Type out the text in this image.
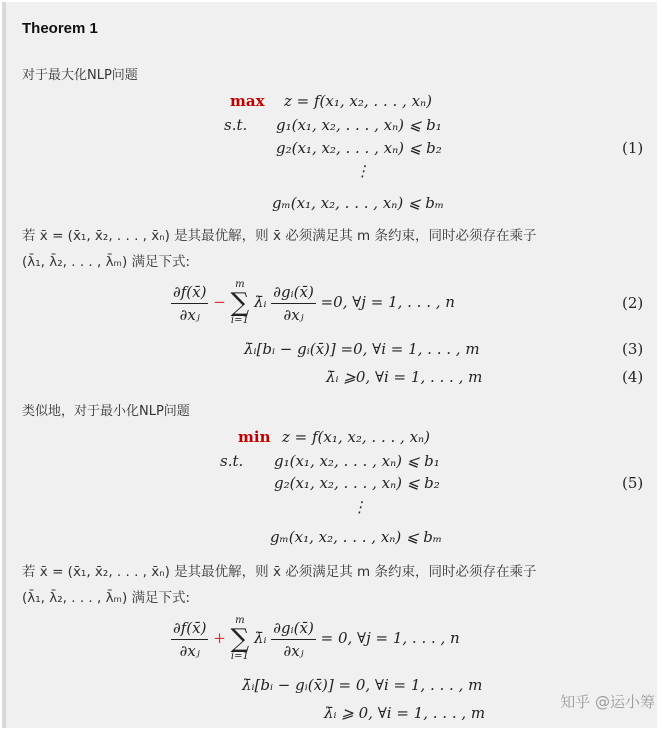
Theorem 1
对于最大化NLP问题
max z = f(x₁, x₂, . . . , xₙ)
s.t. g₁(x₁, x₂, . . . , xₙ) ⩽ b₁
g₂(x₁, x₂, . . . , xₙ) ⩽ b₂
⋮
gₘ(x₁, x₂, . . . , xₙ) ⩽ bₘ
(1)
若 x̄ = (x̄₁, x̄₂, . . . , x̄ₙ) 是其最优解，则 x̄ 必须满足其 m 条约束，同时必须存在乘子
(λ̄₁, λ̄₂, . . . , λ̄ₘ) 满足下式:
$\frac{\partial f(x̄)}{\text{∂xⱼ}}$ −
m
∑
i=1
λ̄ᵢ $\frac{\text{∂gᵢ(x̄)}}{\text{∂xⱼ}} =0$, ∀j = 1, . . . , n	(2)
λ̄ᵢ[bᵢ − gᵢ(x̄)] =0, ∀i = 1, . . . , m	(3)
λ̄ᵢ ⩾0, ∀i = 1, . . . , m	(4)
类似地，对于最小化NLP问题
min z = f(x₁, x₂, . . . , xₙ)
s.t. g₁(x₁, x₂, . . . , xₙ) ⩽ b₁
g₂(x₁, x₂, . . . , xₙ) ⩽ b₂
⋮
gₘ(x₁, x₂, . . . , xₙ) ⩽ bₘ
(5)
若 x̄ = (x̄₁, x̄₂, . . . , x̄ₙ) 是其最优解，则 x̄ 必须满足其 m 条约束，同时必须存在乘子
(λ̄₁, λ̄₂, . . . , λ̄ₘ) 满足下式:
$\frac{\partial f(x̄)}{\text{∂xⱼ}}$ +
m
∑
i=1
λ̄ᵢ $\frac{\text{∂gᵢ(x̄)}}{\text{∂xⱼ}} = 0$, ∀j = 1, . . . , n
λ̄ᵢ[bᵢ − gᵢ(x̄)] = 0, ∀i = 1, . . . , m
λ̄ᵢ ⩾ 0, ∀i = 1, . . . , m
知乎 @运小筹
